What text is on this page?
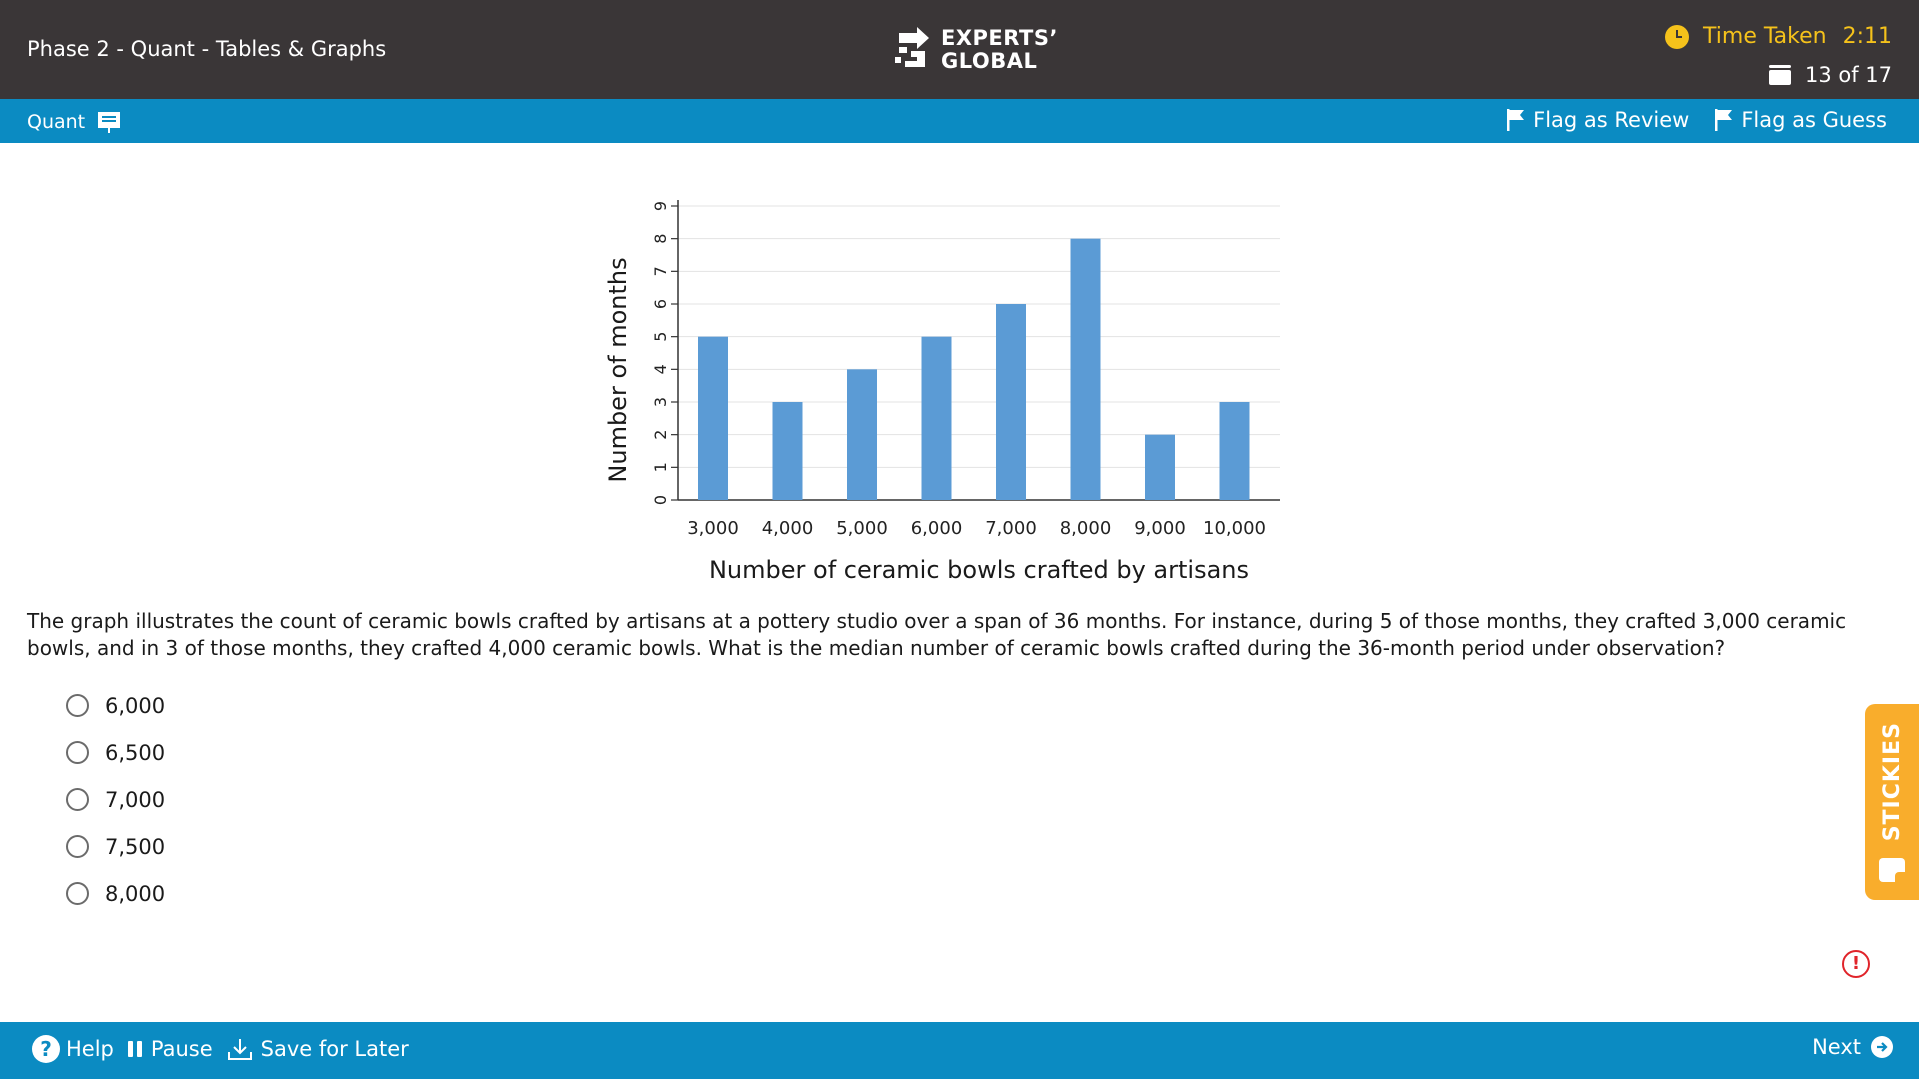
Phase 2 - Quant - Tables & Graphs	EXPERTS’
GLOBAL
Time Taken 2:11
13 of 17
Quant	Flag as Review Flag as Guess
0
1
2
3
4
5
6
7
8
9
3,000 4,000 5,000 6,000 7,000 8,000 9,000 10,000
Number of ceramic bowls crafted by artisans
Number of months
The graph illustrates the count of ceramic bowls crafted by artisans at a pottery studio over a span of 36 months. For instance, during 5 of those months, they crafted 3,000 ceramic bowls, and in 3 of those months, they crafted 4,000 ceramic bowls. What is the median number of ceramic bowls crafted during the 36-month period under observation?
6,000
6,500
7,000
7,500
8,000
STICKIES
!
? Help Pause Save for Later	Next
